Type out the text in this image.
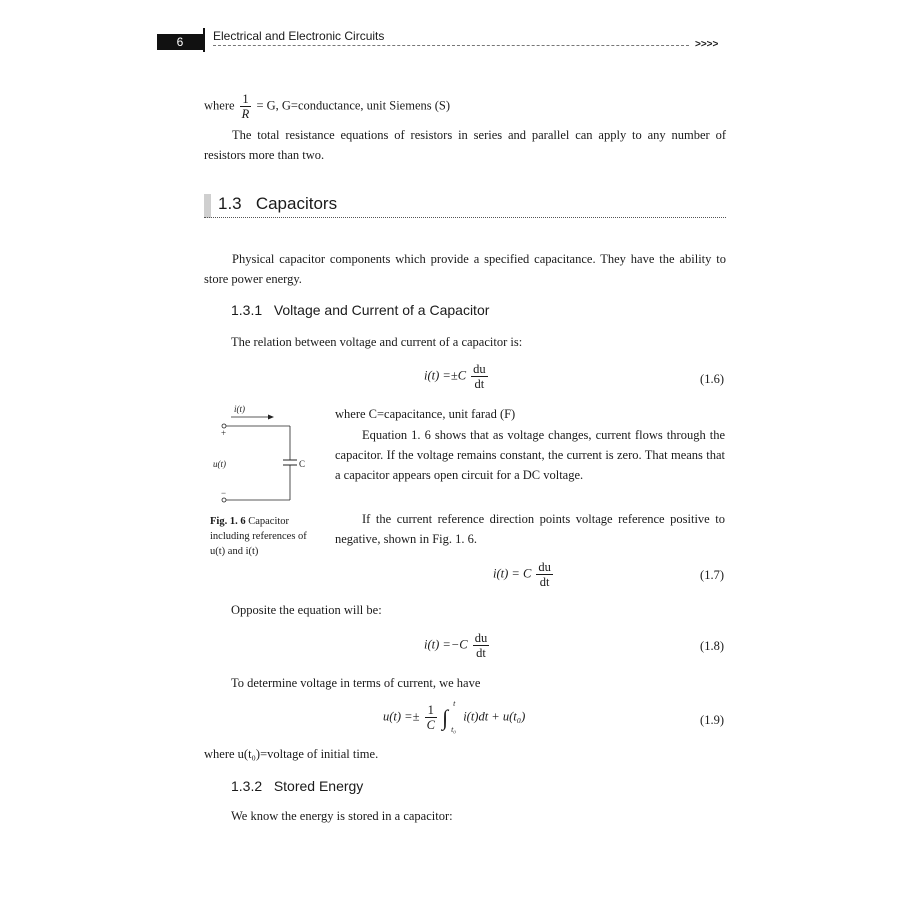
6	Electrical and Electronic Circuits
>>>>
where $\frac{1}{R} = G$, G=conductance, unit Siemens (S)

The total resistance equations of resistors in series and parallel can apply to any number of resistors more than two.

1.3 Capacitors

Physical capacitor components which provide a specified capacitance. They have the ability to store power energy.

1.3.1 Voltage and Current of a Capacitor
The relation between voltage and current of a capacitor is:
$i(t) =\pm C \frac{du}{dt}$	(1.6)
i(t)
+
C
−
u(t)
Fig. 1. 6 Capacitor including references of u(t) and i(t)
where C=capacitance, unit farad (F)

Equation 1. 6 shows that as voltage changes, current flows through the capacitor. If the voltage remains constant, the current is zero. That means that a capacitor appears open circuit for a DC voltage.

If the current reference direction points voltage reference positive to negative, shown in Fig. 1. 6.

i(t) = C $\frac{du}{dt}$	(1.7)
Opposite the equation will be:
$i(t) =-C \frac{du}{dt}$	(1.8)
To determine voltage in terms of current, we have
$u(t) =\pm \frac{1}{C}$ ∫
t
t₀
i(t)dt + u(t₀)	(1.9)
where u(t₀)=voltage of initial time.
1.3.2 Stored Energy
We know the energy is stored in a capacitor:
